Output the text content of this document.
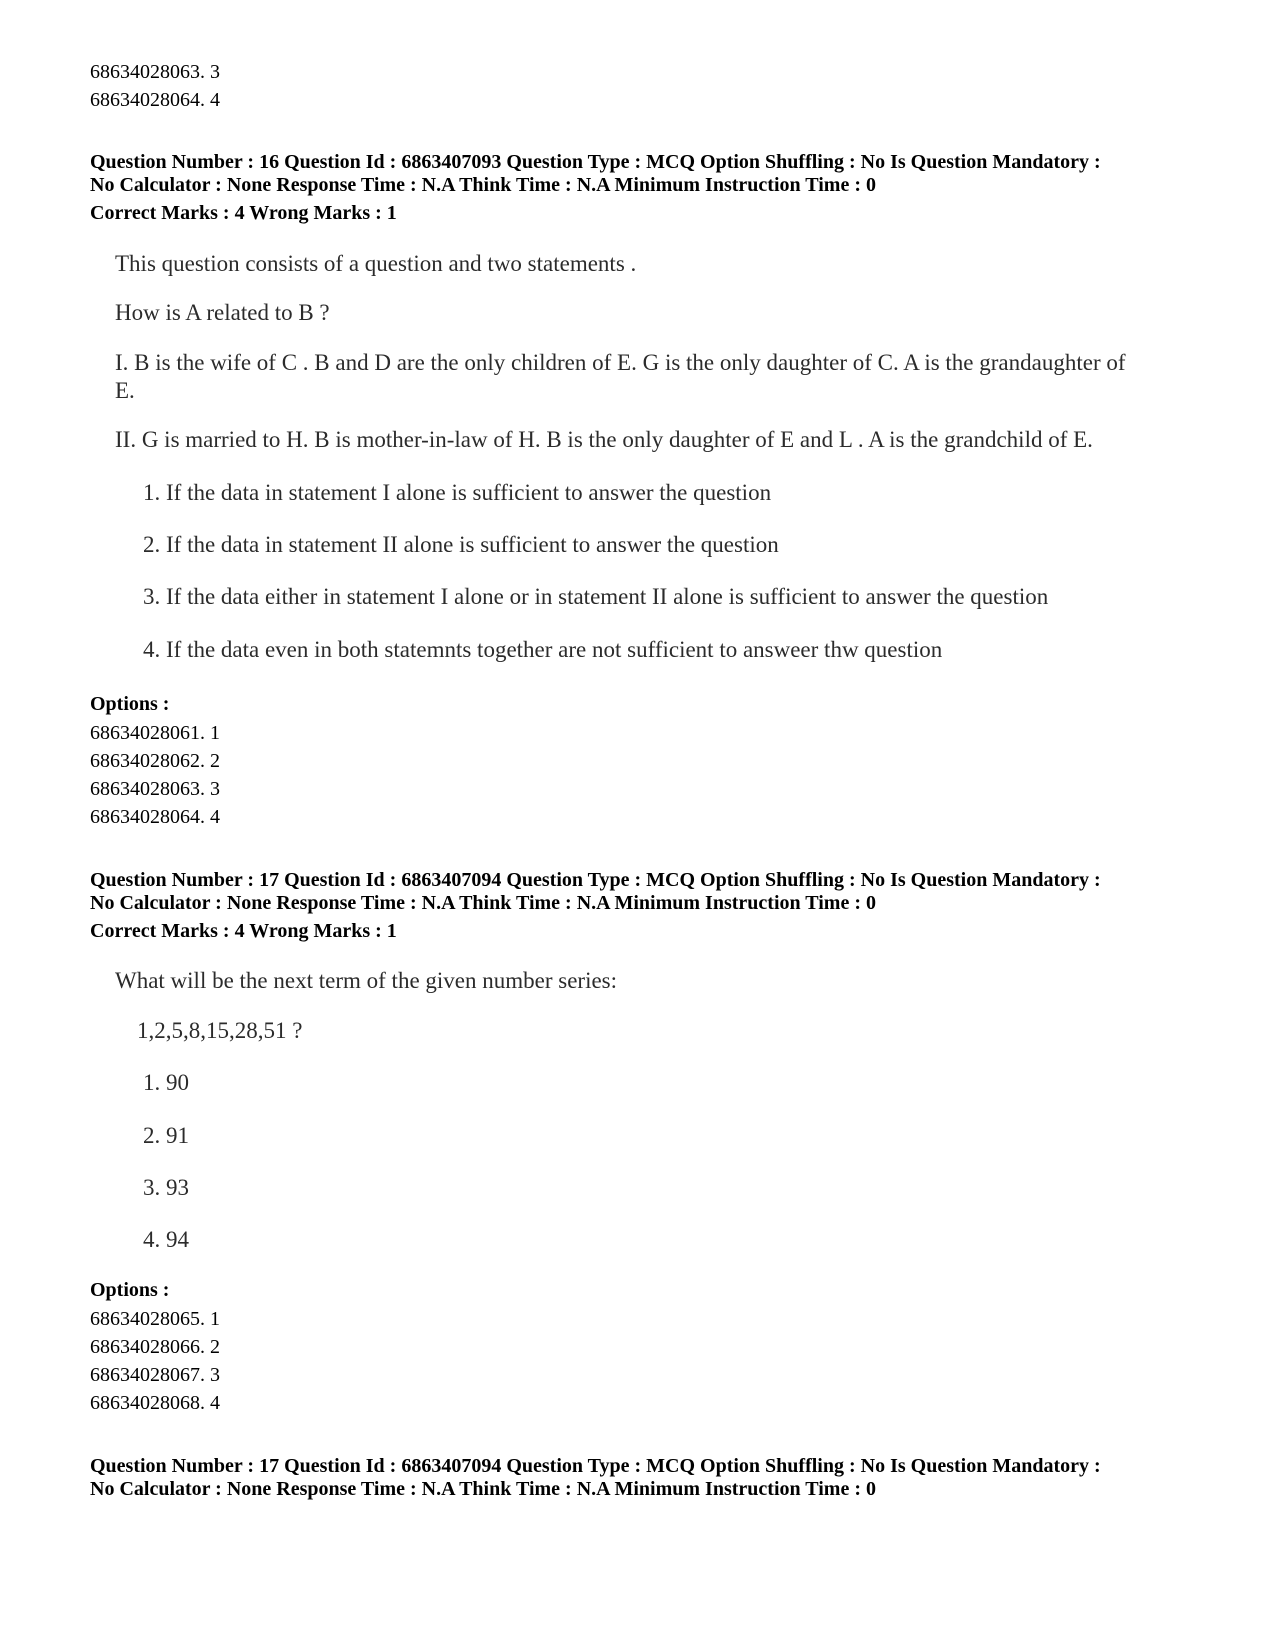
68634028063. 3
68634028064. 4
Question Number : 16 Question Id : 6863407093 Question Type : MCQ Option Shuffling : No Is Question Mandatory :
No Calculator : None Response Time : N.A Think Time : N.A Minimum Instruction Time : 0
Correct Marks : 4 Wrong Marks : 1
This question consists of a question and two statements .
How is A related to B ?
I. B is the wife of C . B and D are the only children of E. G is the only daughter of C. A is the grandaughter of
E.
II. G is married to H. B is mother-in-law of H. B is the only daughter of E and L . A is the grandchild of E.
1. If the data in statement I alone is sufficient to answer the question
2. If the data in statement II alone is sufficient to answer the question
3. If the data either in statement I alone or in statement II alone is sufficient to answer the question
4. If the data even in both statemnts together are not sufficient to answeer thw question
Options :
68634028061. 1
68634028062. 2
68634028063. 3
68634028064. 4
Question Number : 17 Question Id : 6863407094 Question Type : MCQ Option Shuffling : No Is Question Mandatory :
No Calculator : None Response Time : N.A Think Time : N.A Minimum Instruction Time : 0
Correct Marks : 4 Wrong Marks : 1
What will be the next term of the given number series:
1,2,5,8,15,28,51 ?
1. 90
2. 91
3. 93
4. 94
Options :
68634028065. 1
68634028066. 2
68634028067. 3
68634028068. 4
Question Number : 17 Question Id : 6863407094 Question Type : MCQ Option Shuffling : No Is Question Mandatory :
No Calculator : None Response Time : N.A Think Time : N.A Minimum Instruction Time : 0
